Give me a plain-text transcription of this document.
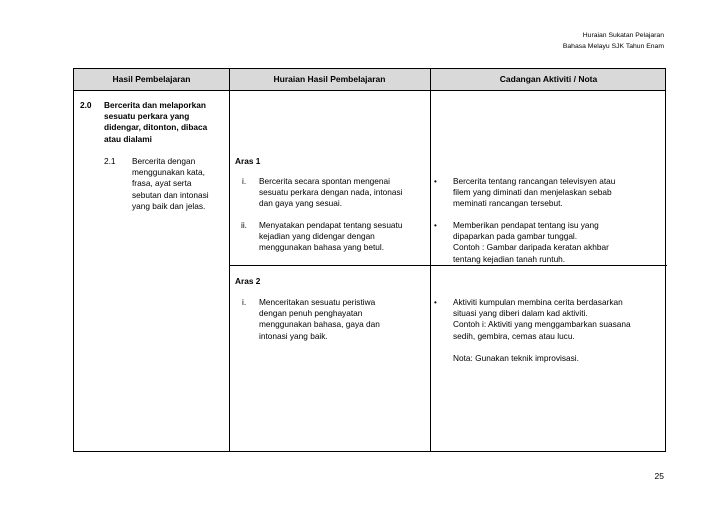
Huraian Sukatan Pelajaran
Bahasa Melayu SJK Tahun Enam
Hasil Pembelajaran	Huraian Hasil Pembelajaran	Cadangan Aktiviti / Nota
2.0 Bercerita dan melaporkan
sesuatu perkara yang
didengar, ditonton, dibaca
atau dialami
2.1 Bercerita dengan
menggunakan kata,
frasa, ayat serta
sebutan dan intonasi
yang baik dan jelas.
Aras 1
i. Bercerita secara spontan mengenai
sesuatu perkara dengan nada, intonasi
dan gaya yang sesuai.
ii. Menyatakan pendapat tentang sesuatu
kejadian yang didengar dengan
menggunakan bahasa yang betul.
Aras 2
i. Menceritakan sesuatu peristiwa
dengan penuh penghayatan
menggunakan bahasa, gaya dan
intonasi yang baik.
• Bercerita tentang rancangan televisyen atau
filem yang diminati dan menjelaskan sebab
meminati rancangan tersebut.
• Memberikan pendapat tentang isu yang
dipaparkan pada gambar tunggal.
Contoh : Gambar daripada keratan akhbar
tentang kejadian tanah runtuh.
• Aktiviti kumpulan membina cerita berdasarkan
situasi yang diberi dalam kad aktiviti.
Contoh i: Aktiviti yang menggambarkan suasana
sedih, gembira, cemas atau lucu.
Nota: Gunakan teknik improvisasi.
25
